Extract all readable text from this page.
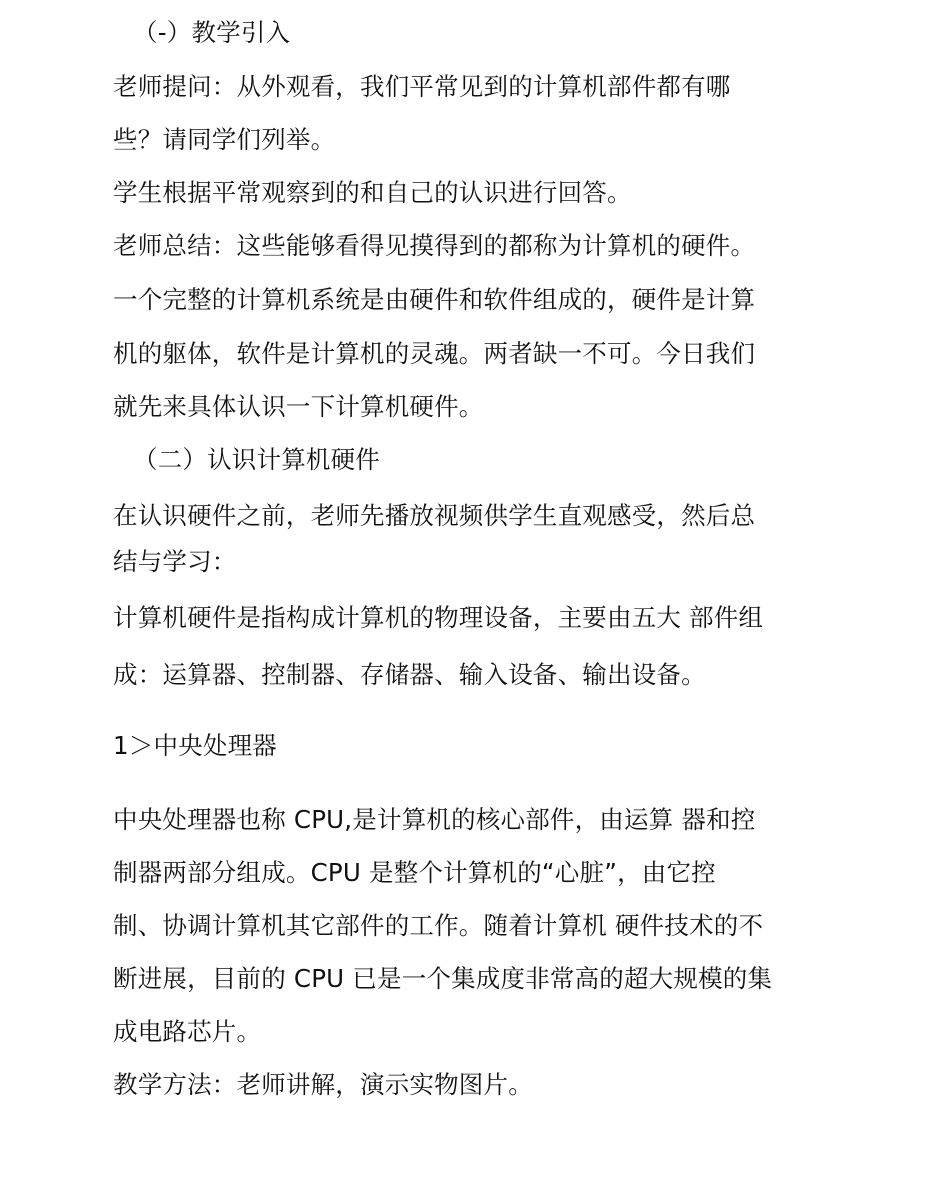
（-）教学引入
老师提问：从外观看，我们平常见到的计算机部件都有哪
些？请同学们列举。
学生根据平常观察到的和自己的认识进行回答。
老师总结：这些能够看得见摸得到的都称为计算机的硬件。
一个完整的计算机系统是由硬件和软件组成的，硬件是计算
机的躯体，软件是计算机的灵魂。两者缺一不可。今日我们
就先来具体认识一下计算机硬件。
（二）认识计算机硬件
在认识硬件之前，老师先播放视频供学生直观感受，然后总
结与学习：
计算机硬件是指构成计算机的物理设备，主要由五大 部件组
成：运算器、控制器、存储器、输入设备、输出设备。
1＞中央处理器
中央处理器也称 CPU,是计算机的核心部件，由运算 器和控
制器两部分组成。CPU 是整个计算机的“心脏”，由它控
制、协调计算机其它部件的工作。随着计算机 硬件技术的不
断进展，目前的 CPU 已是一个集成度非常高的超大规模的集
成电路芯片。
教学方法：老师讲解，演示实物图片。
